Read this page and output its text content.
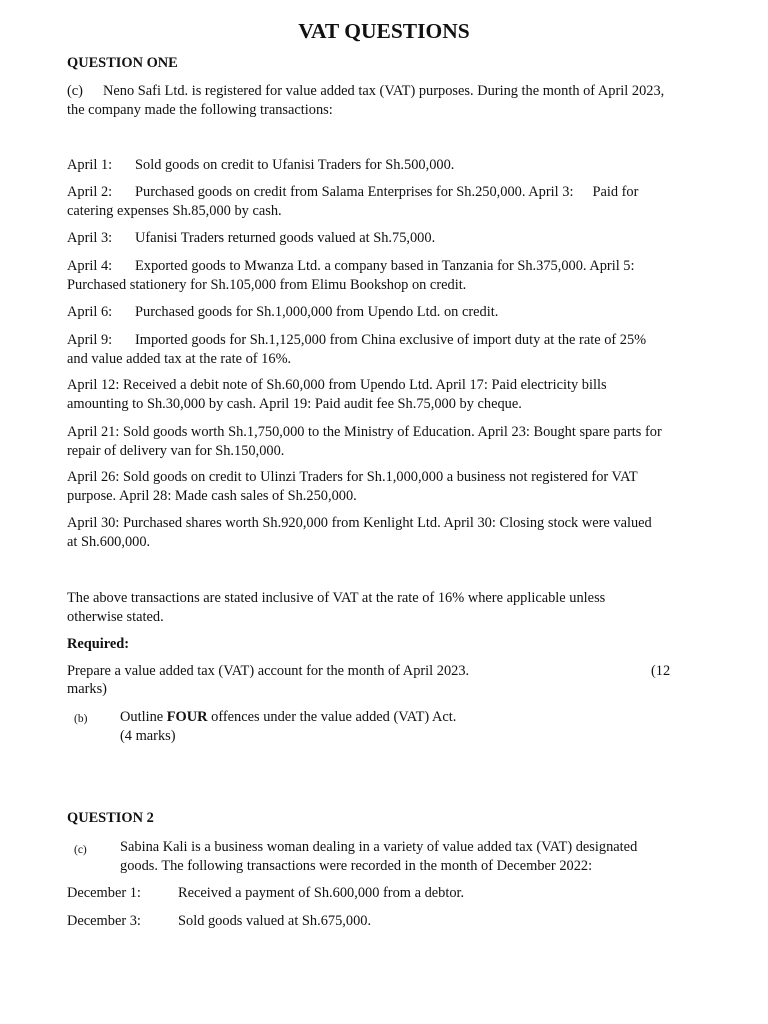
VAT QUESTIONS
QUESTION ONE
(c) Neno Safi Ltd. is registered for value added tax (VAT) purposes. During the month of April 2023,
the company made the following transactions:
April 1: Sold goods on credit to Ufanisi Traders for Sh.500,000.
April 2: Purchased goods on credit from Salama Enterprises for Sh.250,000. April 3: Paid for
catering expenses Sh.85,000 by cash.
April 3: Ufanisi Traders returned goods valued at Sh.75,000.
April 4: Exported goods to Mwanza Ltd. a company based in Tanzania for Sh.375,000. April 5:
Purchased stationery for Sh.105,000 from Elimu Bookshop on credit.
April 6: Purchased goods for Sh.1,000,000 from Upendo Ltd. on credit.
April 9: Imported goods for Sh.1,125,000 from China exclusive of import duty at the rate of 25%
and value added tax at the rate of 16%.
April 12: Received a debit note of Sh.60,000 from Upendo Ltd. April 17: Paid electricity bills
amounting to Sh.30,000 by cash. April 19: Paid audit fee Sh.75,000 by cheque.
April 21: Sold goods worth Sh.1,750,000 to the Ministry of Education. April 23: Bought spare parts for
repair of delivery van for Sh.150,000.
April 26: Sold goods on credit to Ulinzi Traders for Sh.1,000,000 a business not registered for VAT
purpose. April 28: Made cash sales of Sh.250,000.
April 30: Purchased shares worth Sh.920,000 from Kenlight Ltd. April 30: Closing stock were valued
at Sh.600,000.
The above transactions are stated inclusive of VAT at the rate of 16% where applicable unless
otherwise stated.
Required:
Prepare a value added tax (VAT) account for the month of April 2023.	(12
marks)
(b) Outline FOUR offences under the value added (VAT) Act.
(4 marks)
QUESTION 2
(c) Sabina Kali is a business woman dealing in a variety of value added tax (VAT) designated
goods. The following transactions were recorded in the month of December 2022:
December 1:	Received a payment of Sh.600,000 from a debtor.
December 3:	Sold goods valued at Sh.675,000.
